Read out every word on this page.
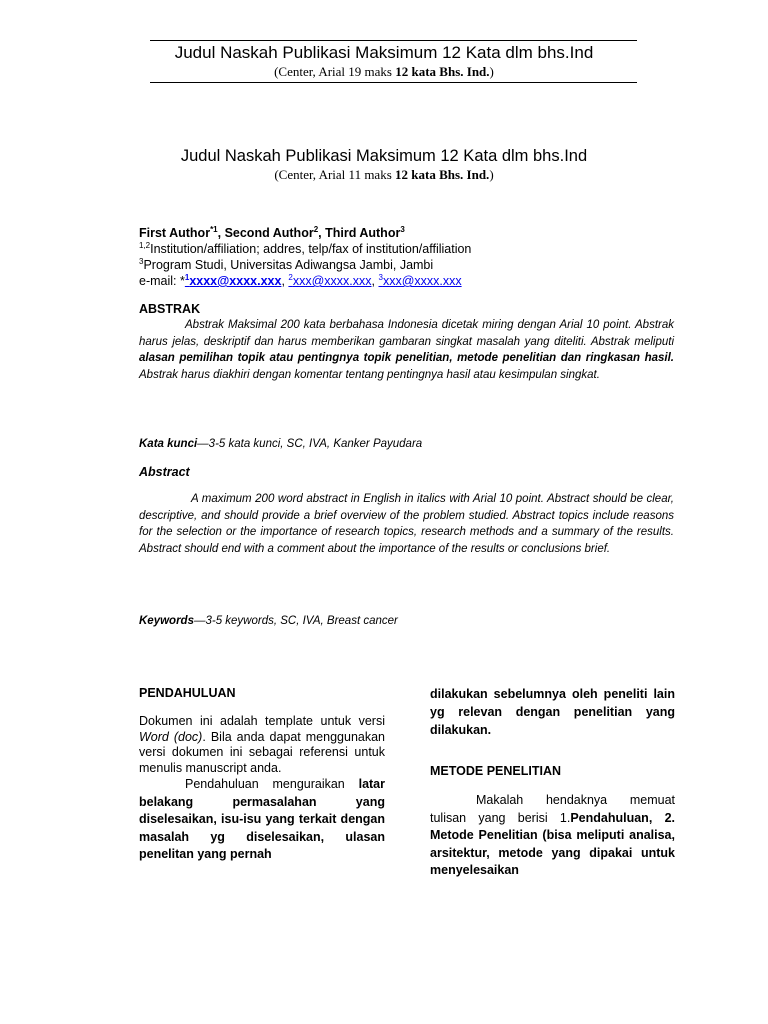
Judul Naskah Publikasi Maksimum 12 Kata dlm bhs.Ind
(Center, Arial 19 maks 12 kata Bhs. Ind.)
Judul Naskah Publikasi Maksimum 12 Kata dlm bhs.Ind
(Center, Arial 11 maks 12 kata Bhs. Ind.)
First Author$^{*1}$, Second Author$^2$, Third Author$^3$
$^{1,2}$Institution/affiliation; addres, telp/fax of institution/affiliation
$^3$Program Studi, Universitas Adiwangsa Jambi, Jambi
e-mail: *$^1$xxxx@xxxx.xxx, $^2$xxx@xxxx.xxx, $^3$xxx@xxxx.xxx
ABSTRAK
Abstrak Maksimal 200 kata berbahasa Indonesia dicetak miring dengan Arial 10 point. Abstrak harus jelas, deskriptif dan harus memberikan gambaran singkat masalah yang diteliti. Abstrak meliputi alasan pemilihan topik atau pentingnya topik penelitian, metode penelitian dan ringkasan hasil. Abstrak harus diakhiri dengan komentar tentang pentingnya hasil atau kesimpulan singkat.
Kata kunci—3-5 kata kunci, SC, IVA, Kanker Payudara
Abstract
A maximum 200 word abstract in English in italics with Arial 10 point. Abstract should be clear, descriptive, and should provide a brief overview of the problem studied. Abstract topics include reasons for the selection or the importance of research topics, research methods and a summary of the results. Abstract should end with a comment about the importance of the results or conclusions brief.
Keywords—3-5 keywords, SC, IVA, Breast cancer
PENDAHULUAN
Dokumen ini adalah template untuk versi Word (doc). Bila anda dapat menggunakan versi dokumen ini sebagai referensi untuk menulis manuscript anda.
Pendahuluan menguraikan latar belakang permasalahan yang diselesaikan, isu-isu yang terkait dengan masalah yg diselesaikan, ulasan penelitan yang pernah
dilakukan sebelumnya oleh peneliti lain yg relevan dengan penelitian yang dilakukan.
METODE PENELITIAN
Makalah hendaknya memuat tulisan yang berisi 1.Pendahuluan, 2. Metode Penelitian (bisa meliputi analisa, arsitektur, metode yang dipakai untuk menyelesaikan
